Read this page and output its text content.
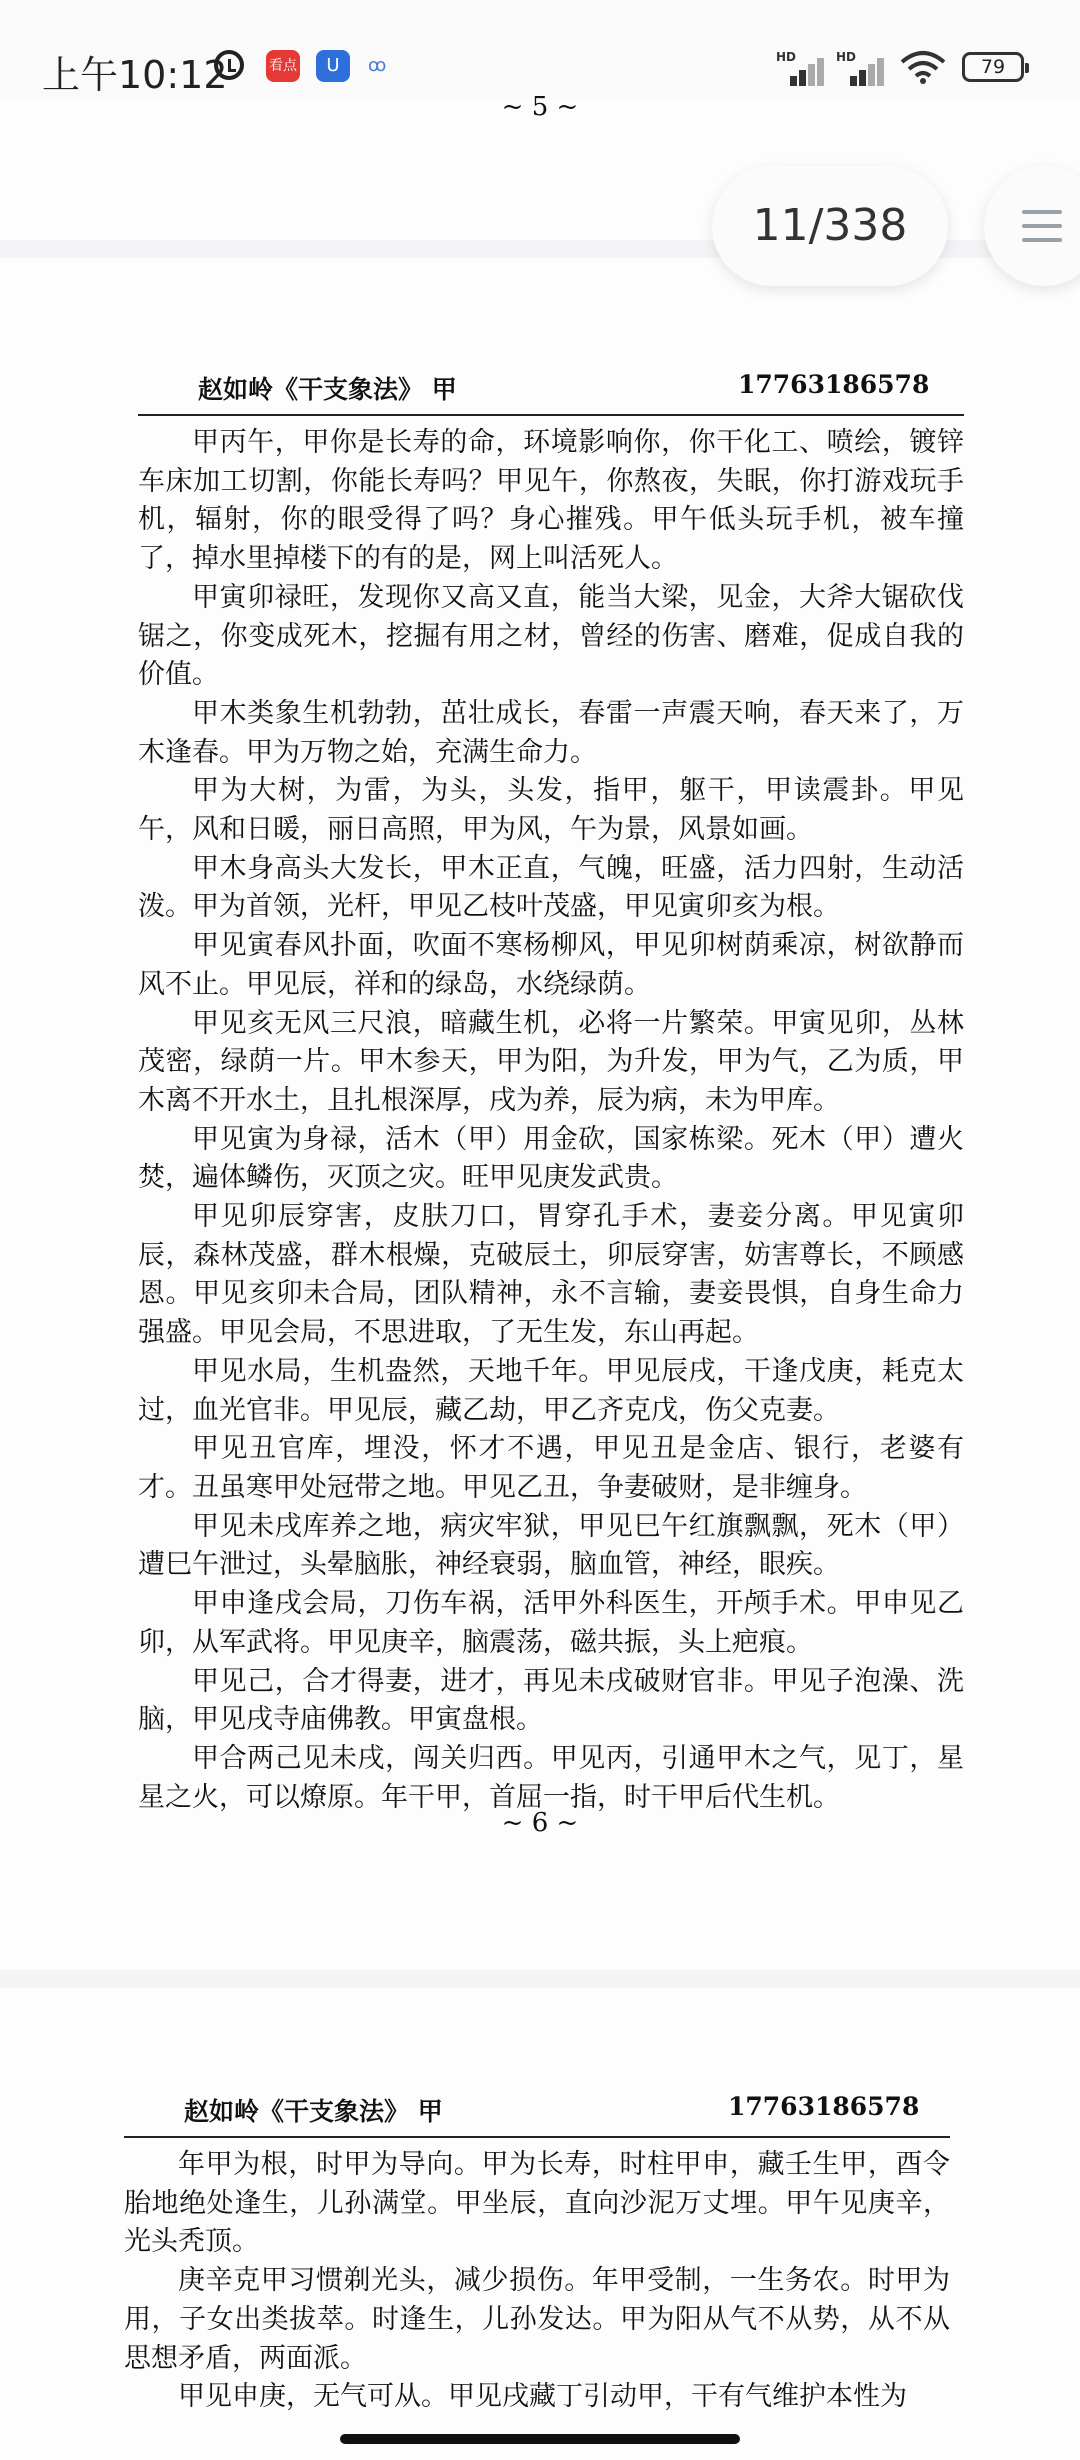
上午10:12	看点	U	ꝏ	HD	HD	79
~ 5 ~
赵如岭《干支象法》 甲	17763186578

甲丙午，甲你是长寿的命，环境影响你，你干化工、喷绘，镀锌车床加工切割，你能长寿吗？甲见午，你熬夜，失眠，你打游戏玩手机，辐射，你的眼受得了吗？身心摧残。甲午低头玩手机，被车撞了，掉水里掉楼下的有的是，网上叫活死人。

甲寅卯禄旺，发现你又高又直，能当大梁，见金，大斧大锯砍伐锯之，你变成死木，挖掘有用之材，曾经的伤害、磨难，促成自我的价值。

甲木类象生机勃勃，茁壮成长，春雷一声震天响，春天来了，万木逢春。甲为万物之始，充满生命力。

甲为大树，为雷，为头，头发，指甲，躯干，甲读震卦。甲见午，风和日暖，丽日高照，甲为风，午为景，风景如画。

甲木身高头大发长，甲木正直，气魄，旺盛，活力四射，生动活泼。甲为首领，光杆，甲见乙枝叶茂盛，甲见寅卯亥为根。

甲见寅春风扑面，吹面不寒杨柳风，甲见卯树荫乘凉，树欲静而风不止。甲见辰，祥和的绿岛，水绕绿荫。

甲见亥无风三尺浪，暗藏生机，必将一片繁荣。甲寅见卯，丛林茂密，绿荫一片。甲木参天，甲为阳，为升发，甲为气，乙为质，甲木离不开水土，且扎根深厚，戌为养，辰为病，未为甲库。

甲见寅为身禄，活木（甲）用金砍，国家栋梁。死木（甲）遭火焚，遍体鳞伤，灭顶之灾。旺甲见庚发武贵。

甲见卯辰穿害，皮肤刀口，胃穿孔手术，妻妾分离。甲见寅卯辰，森林茂盛，群木根燥，克破辰土，卯辰穿害，妨害尊长，不顾感恩。甲见亥卯未合局，团队精神，永不言输，妻妾畏惧，自身生命力强盛。甲见会局，不思进取，了无生发，东山再起。

甲见水局，生机盎然，天地千年。甲见辰戌，干逢戊庚，耗克太过，血光官非。甲见辰，藏乙劫，甲乙齐克戊，伤父克妻。

甲见丑官库，埋没，怀才不遇，甲见丑是金店、银行，老婆有才。丑虽寒甲处冠带之地。甲见乙丑，争妻破财，是非缠身。

甲见未戌库养之地，病灾牢狱，甲见巳午红旗飘飘，死木（甲）遭巳午泄过，头晕脑胀，神经衰弱，脑血管，神经，眼疾。

甲申逢戌会局，刀伤车祸，活甲外科医生，开颅手术。甲申见乙卯，从军武将。甲见庚辛，脑震荡，磁共振，头上疤痕。

甲见己，合才得妻，进才，再见未戌破财官非。甲见子泡澡、洗脑，甲见戌寺庙佛教。甲寅盘根。

甲合两己见未戌，闯关归西。甲见丙，引通甲木之气，见丁，星星之火，可以燎原。年干甲，首屈一指，时干甲后代生机。

~ 6 ~
赵如岭《干支象法》 甲	17763186578

年甲为根，时甲为导向。甲为长寿，时柱甲申，藏壬生甲，酉令胎地绝处逢生，儿孙满堂。甲坐辰，直向沙泥万丈埋。甲午见庚辛，光头秃顶。

庚辛克甲习惯剃光头，减少损伤。年甲受制，一生务农。时甲为用，子女出类拔萃。时逢生，儿孙发达。甲为阳从气不从势，从不从思想矛盾，两面派。

甲见申庚，无气可从。甲见戌藏丁引动甲，干有气维护本性为

11/338
